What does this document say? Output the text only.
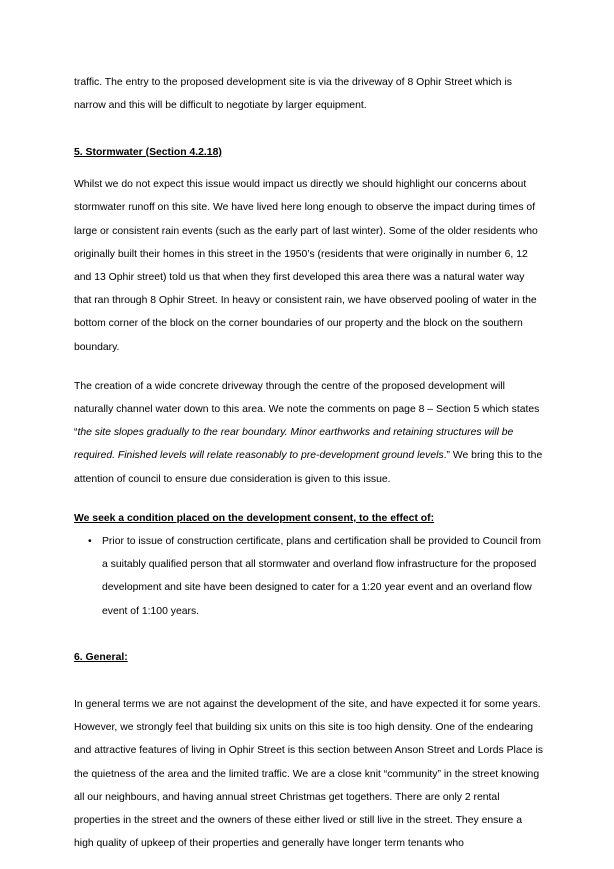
traffic. The entry to the proposed development site is via the driveway of 8 Ophir Street which is narrow and this will be difficult to negotiate by larger equipment.

5. Stormwater (Section 4.2.18)

Whilst we do not expect this issue would impact us directly we should highlight our concerns about stormwater runoff on this site. We have lived here long enough to observe the impact during times of large or consistent rain events (such as the early part of last winter). Some of the older residents who originally built their homes in this street in the 1950’s (residents that were originally in number 6, 12 and 13 Ophir street) told us that when they first developed this area there was a natural water way that ran through 8 Ophir Street. In heavy or consistent rain, we have observed pooling of water in the bottom corner of the block on the corner boundaries of our property and the block on the southern boundary.

The creation of a wide concrete driveway through the centre of the proposed development will naturally channel water down to this area. We note the comments on page 8 – Section 5 which states “the site slopes gradually to the rear boundary. Minor earthworks and retaining structures will be required. Finished levels will relate reasonably to pre-development ground levels.” We bring this to the attention of council to ensure due consideration is given to this issue.

We seek a condition placed on the development consent, to the effect of:

• Prior to issue of construction certificate, plans and certification shall be provided to Council from a suitably qualified person that all stormwater and overland flow infrastructure for the proposed development and site have been designed to cater for a 1:20 year event and an overland flow event of 1:100 years.

6. General:

In general terms we are not against the development of the site, and have expected it for some years. However, we strongly feel that building six units on this site is too high density. One of the endearing and attractive features of living in Ophir Street is this section between Anson Street and Lords Place is the quietness of the area and the limited traffic. We are a close knit “community” in the street knowing all our neighbours, and having annual street Christmas get togethers. There are only 2 rental properties in the street and the owners of these either lived or still live in the street. They ensure a high quality of upkeep of their properties and generally have longer term tenants who
